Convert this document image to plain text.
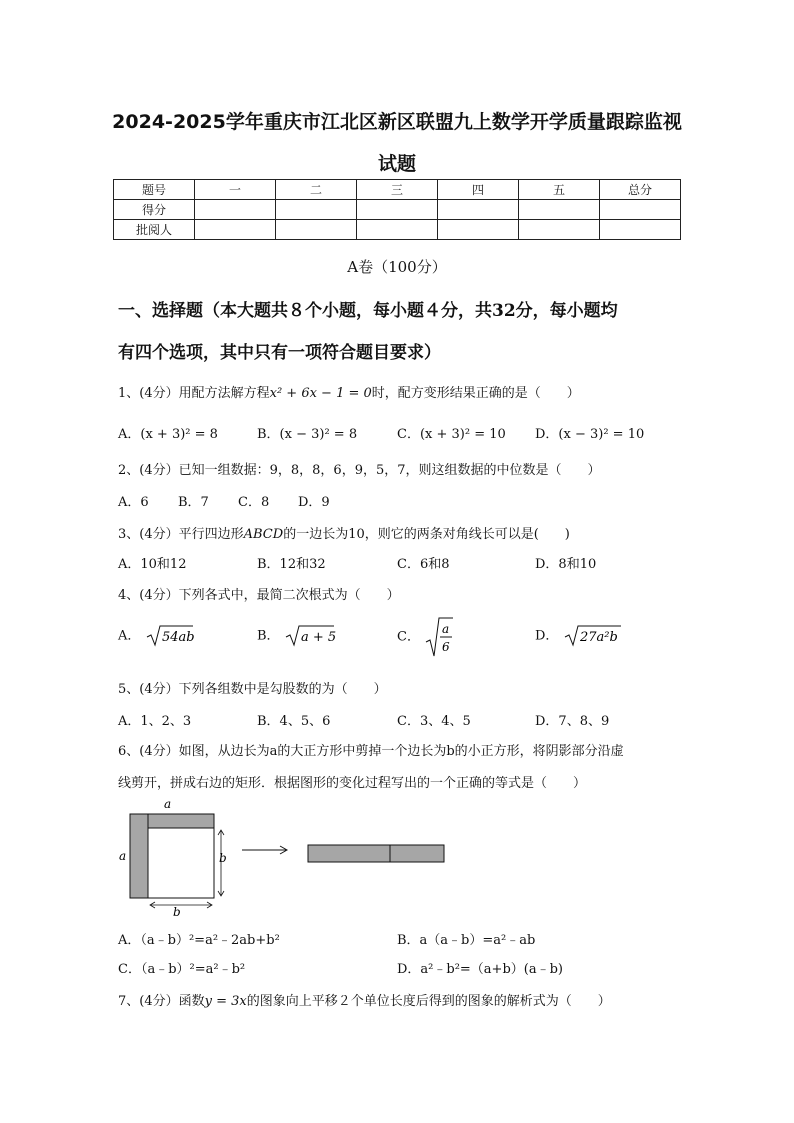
2024-2025学年重庆市江北区新区联盟九上数学开学质量跟踪监视
试题
题号	一	二	三	四	五	总分
得分						
批阅人						
A卷（100分）
一、选择题（本大题共８个小题，每小题４分，共32分，每小题均
有四个选项，其中只有一项符合题目要求）
1、(4分）用配方法解方程x² + 6x − 1 = 0时，配方变形结果正确的是（　　）
A．(x + 3)² = 8	B．(x − 3)² = 8	C．(x + 3)² = 10 D．(x − 3)² = 10
2、(4分）已知一组数据：9，8，8，6，9，5，7，则这组数据的中位数是（　　）
A．6 B．7 C．8 D．9
3、(4分）平行四边形ABCD的一边长为10，则它的两条对角线长可以是(　　)
A．10和12	B．12和32	C．6和8	D．8和10
4、(4分）下列各式中，最简二次根式为（　　）
A． 54ab	B． a + 5	C．
a
6
D． 27a²b
5、(4分）下列各组数中是勾股数的为（　　）
A．1、2、3	B．4、5、6	C．3、4、5	D．7、8、9
6、(4分）如图，从边长为a的大正方形中剪掉一个边长为b的小正方形，将阴影部分沿虚
线剪开，拼成右边的矩形．根据图形的变化过程写出的一个正确的等式是（　　）
a
a	b
b
A．（a﹣b）²=a²﹣2ab+b²	B．a（a﹣b）=a²﹣ab
C．（a﹣b）²=a²﹣b²	D．a²﹣b²=（a+b）(a﹣b)
7、(4分）函数y = 3x的图象向上平移２个单位长度后得到的图象的解析式为（　　）
